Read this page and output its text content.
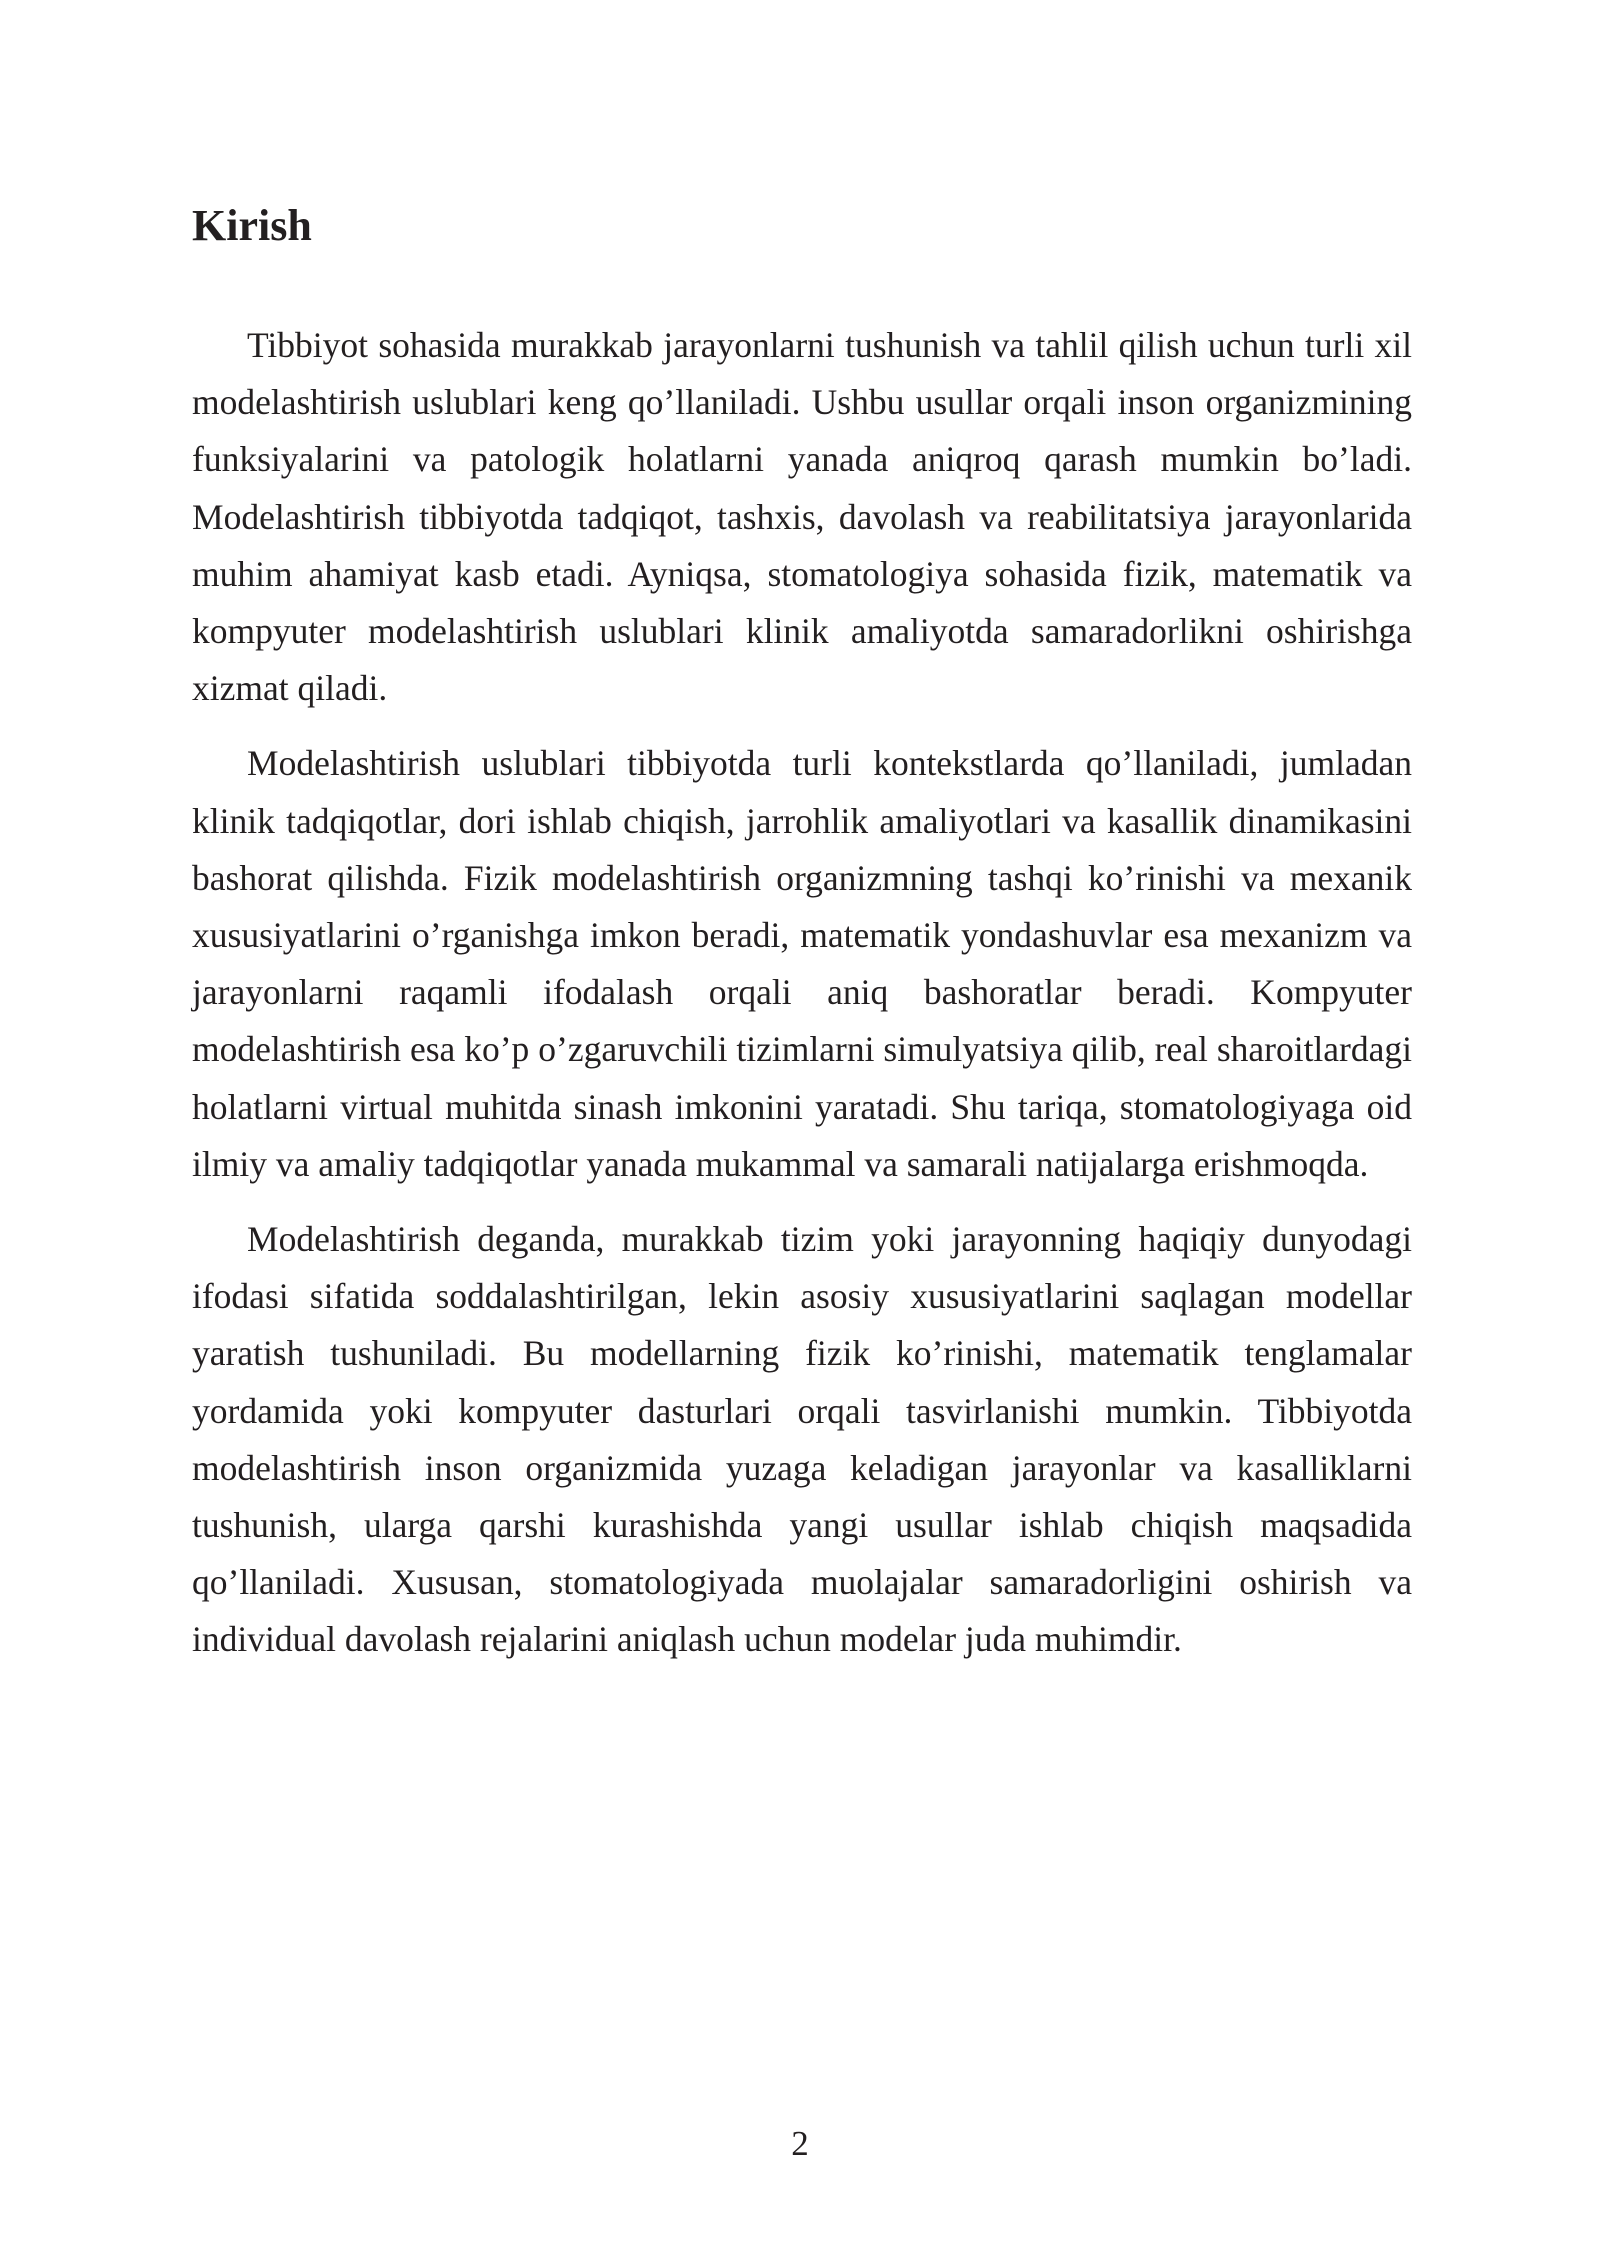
Kirish

Tibbiyot sohasida murakkab jarayonlarni tushunish va tahlil qilish uchun turli xil modelashtirish uslublari keng qo’llaniladi. Ushbu usullar orqali inson organizmining funksiyalarini va patologik holatlarni yanada aniqroq qarash mumkin bo’ladi. Modelashtirish tibbiyotda tadqiqot, tashxis, davolash va reabilitatsiya jarayonlarida muhim ahamiyat kasb etadi. Ayniqsa, stomatologiya sohasida fizik, matematik va kompyuter modelashtirish uslublari klinik amaliyotda samaradorlikni oshirishga xizmat qiladi.

Modelashtirish uslublari tibbiyotda turli kontekstlarda qo’llaniladi, jumladan klinik tadqiqotlar, dori ishlab chiqish, jarrohlik amaliyotlari va kasallik dinamikasini bashorat qilishda. Fizik modelashtirish organizmning tashqi ko’rinishi va mexanik xususiyatlarini o’rganishga imkon beradi, matematik yondashuvlar esa mexanizm va jarayonlarni raqamli ifodalash orqali aniq bashoratlar beradi. Kompyuter modelashtirish esa ko’p o’zgaruvchili tizimlarni simulyatsiya qilib, real sharoitlardagi holatlarni virtual muhitda sinash imkonini yaratadi. Shu tariqa, stomatologiyaga oid ilmiy va amaliy tadqiqotlar yanada mukammal va samarali natijalarga erishmoqda.

Modelashtirish deganda, murakkab tizim yoki jarayonning haqiqiy dunyodagi ifodasi sifatida soddalashtirilgan, lekin asosiy xususiyatlarini saqlagan modellar yaratish tushuniladi. Bu modellarning fizik ko’rinishi, matematik tenglamalar yordamida yoki kompyuter dasturlari orqali tasvirlanishi mumkin. Tibbiyotda modelashtirish inson organizmida yuzaga keladigan jarayonlar va kasalliklarni tushunish, ularga qarshi kurashishda yangi usullar ishlab chiqish maqsadida qo’llaniladi. Xususan, stomatologiyada muolajalar samaradorligini oshirish va individual davolash rejalarini aniqlash uchun modelar juda muhimdir.

2
